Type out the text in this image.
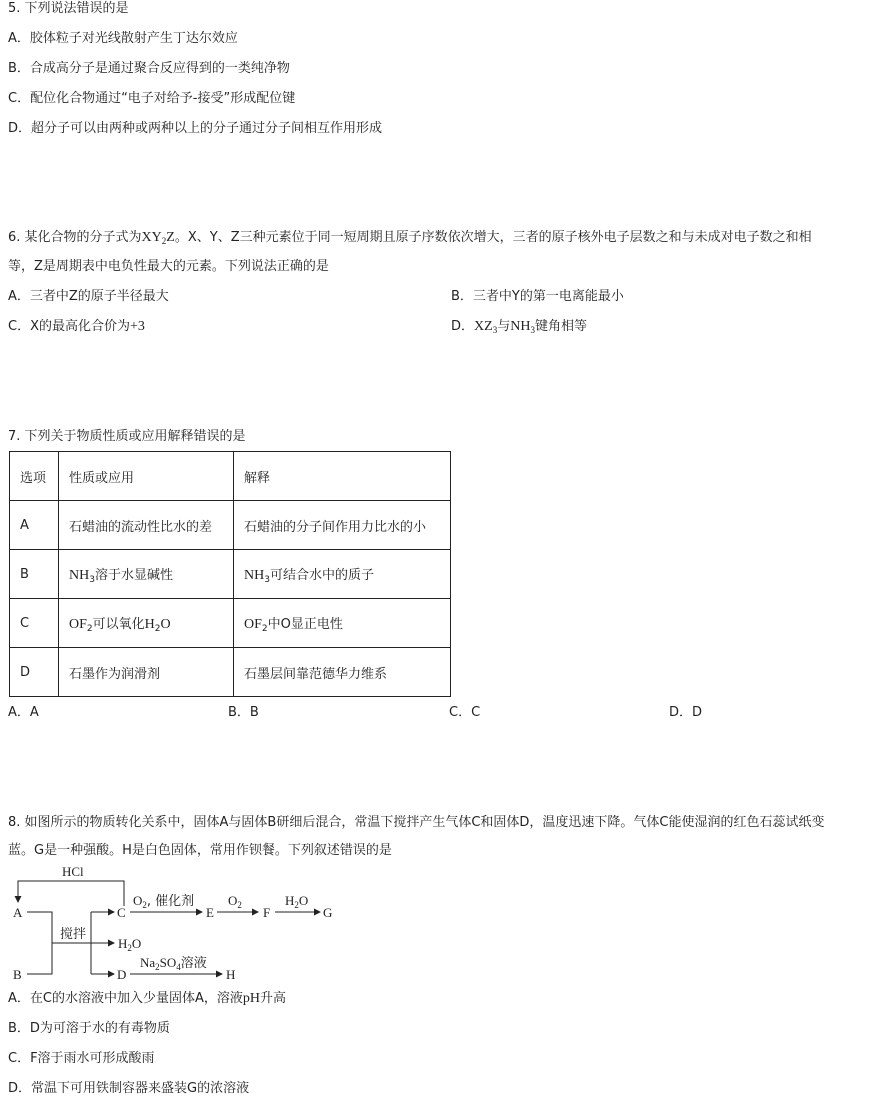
5. 下列说法错误的是
A．胶体粒子对光线散射产生丁达尔效应
B．合成高分子是通过聚合反应得到的一类纯净物
C．配位化合物通过“电子对给予-接受”形成配位键
D．超分子可以由两种或两种以上的分子通过分子间相互作用形成
6. 某化合物的分子式为$XY_2Z$。X、Y、Z三种元素位于同一短周期且原子序数依次增大，三者的原子核外电子层数之和与未成对电子数之和相
等，Z是周期表中电负性最大的元素。下列说法正确的是
A．三者中Z的原子半径最大	B．三者中Y的第一电离能最小
C．X的最高化合价为+3	D．$XZ_3$与$NH_3$键角相等
7. 下列关于物质性质或应用解释错误的是
选项	性质或应用	解释
A	石蜡油的流动性比水的差	石蜡油的分子间作用力比水的小
B	$NH_3$溶于水显碱性	$NH_3$可结合水中的质子
C	$OF_2$可以氧化$H_2O$	$OF_2$中O显正电性
D	石墨作为润滑剂	石墨层间靠范德华力维系
A．A	B．B	C．C	D．D
8. 如图所示的物质转化关系中，固体A与固体B研细后混合，常温下搅拌产生气体C和固体D，温度迅速下降。气体C能使湿润的红色石蕊试纸变
蓝。G是一种强酸。H是白色固体，常用作钡餐。下列叙述错误的是
HCl
A
B
搅拌
C
$H_2O$
D
$O_2$, 催化剂
E
$O_2$ F
$H_2O$
G
$Na_2SO_4$溶液
H
A．在C的水溶液中加入少量固体A，溶液pH升高
B．D为可溶于水的有毒物质
C．F溶于雨水可形成酸雨
D．常温下可用铁制容器来盛装G的浓溶液
